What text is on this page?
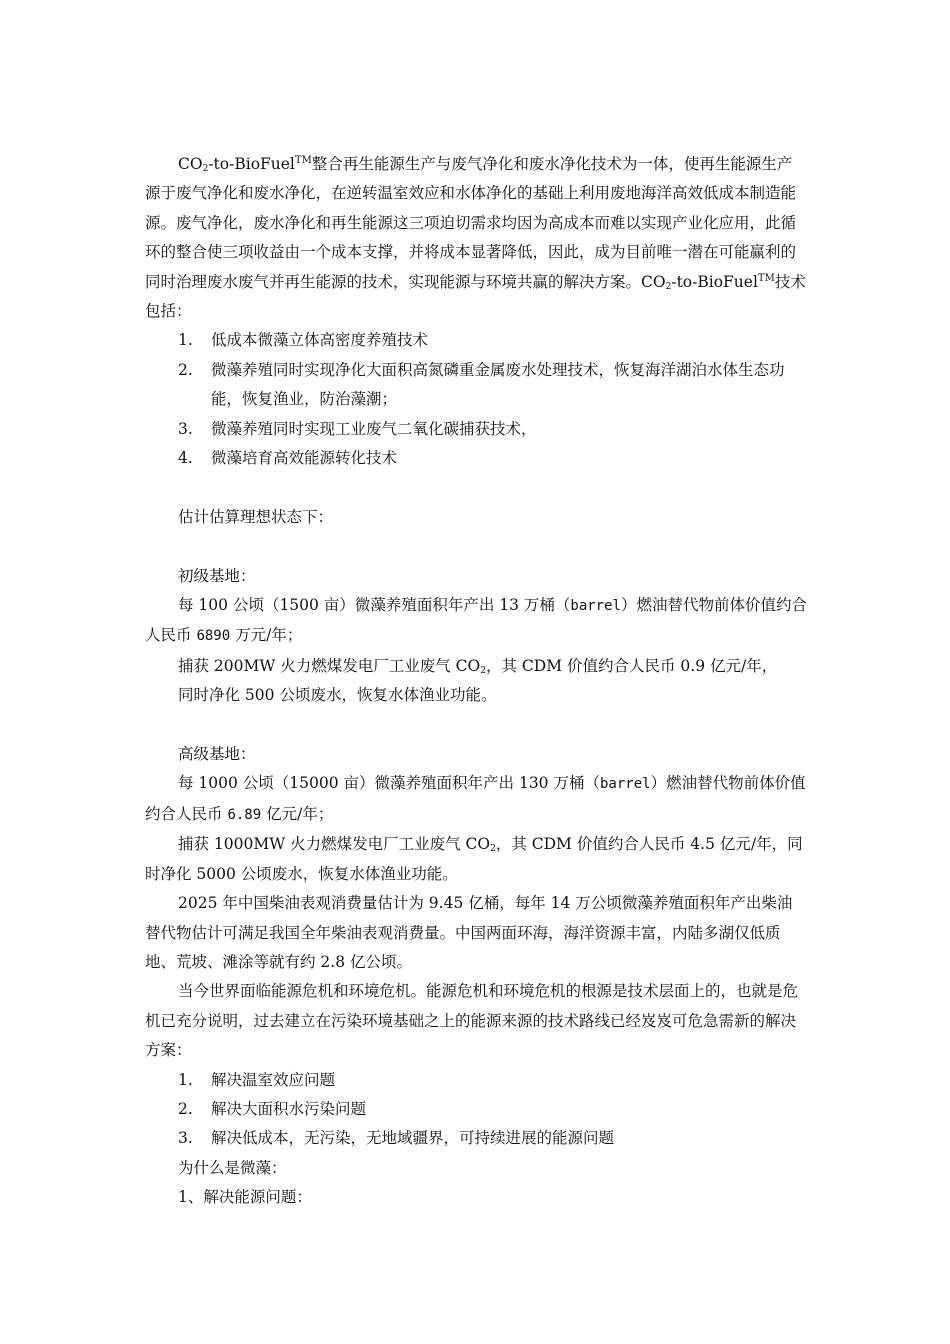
$CO_2-to-BioFuel™$整合再生能源生产与废气净化和废水净化技术为一体，使再生能源生产源于废气净化和废水净化，在逆转温室效应和水体净化的基础上利用废地海洋高效低成本制造能源。废气净化，废水净化和再生能源这三项迫切需求均因为高成本而难以实现产业化应用，此循环的整合使三项收益由一个成本支撑，并将成本显著降低，因此，成为目前唯一潜在可能赢利的同时治理废水废气并再生能源的技术，实现能源与环境共赢的解决方案。$CO_2-to-BioFuel™$技术包括：

1. 低成本微藻立体高密度养殖技术
2. 微藻养殖同时实现净化大面积高氮磷重金属废水处理技术，恢复海洋湖泊水体生态功能，恢复渔业，防治藻潮；
3. 微藻养殖同时实现工业废气二氧化碳捕获技术，
4. 微藻培育高效能源转化技术

估计估算理想状态下：

初级基地：

每 100 公顷（1500 亩）微藻养殖面积年产出 13 万桶（barrel）燃油替代物前体价值约合人民币 6890 万元/年；

捕获 200MW 火力燃煤发电厂工业废气 $CO_2$，其 CDM 价值约合人民币 0.9 亿元/年，

同时净化 500 公顷废水，恢复水体渔业功能。

高级基地：

每 1000 公顷（15000 亩）微藻养殖面积年产出 130 万桶（barrel）燃油替代物前体价值约合人民币 6.89 亿元/年；

捕获 1000MW 火力燃煤发电厂工业废气 $CO_2$，其 CDM 价值约合人民币 4.5 亿元/年，同时净化 5000 公顷废水，恢复水体渔业功能。

2025 年中国柴油表观消费量估计为 9.45 亿桶，每年 14 万公顷微藻养殖面积年产出柴油替代物估计可满足我国全年柴油表观消费量。中国两面环海，海洋资源丰富，内陆多湖仅低质地、荒坡、滩涂等就有约 2.8 亿公顷。

当今世界面临能源危机和环境危机。能源危机和环境危机的根源是技术层面上的，也就是危机已充分说明，过去建立在污染环境基础之上的能源来源的技术路线已经岌岌可危急需新的解决方案：

1. 解决温室效应问题
2. 解决大面积水污染问题
3. 解决低成本，无污染，无地域疆界，可持续进展的能源问题

为什么是微藻：

1、解决能源问题：
